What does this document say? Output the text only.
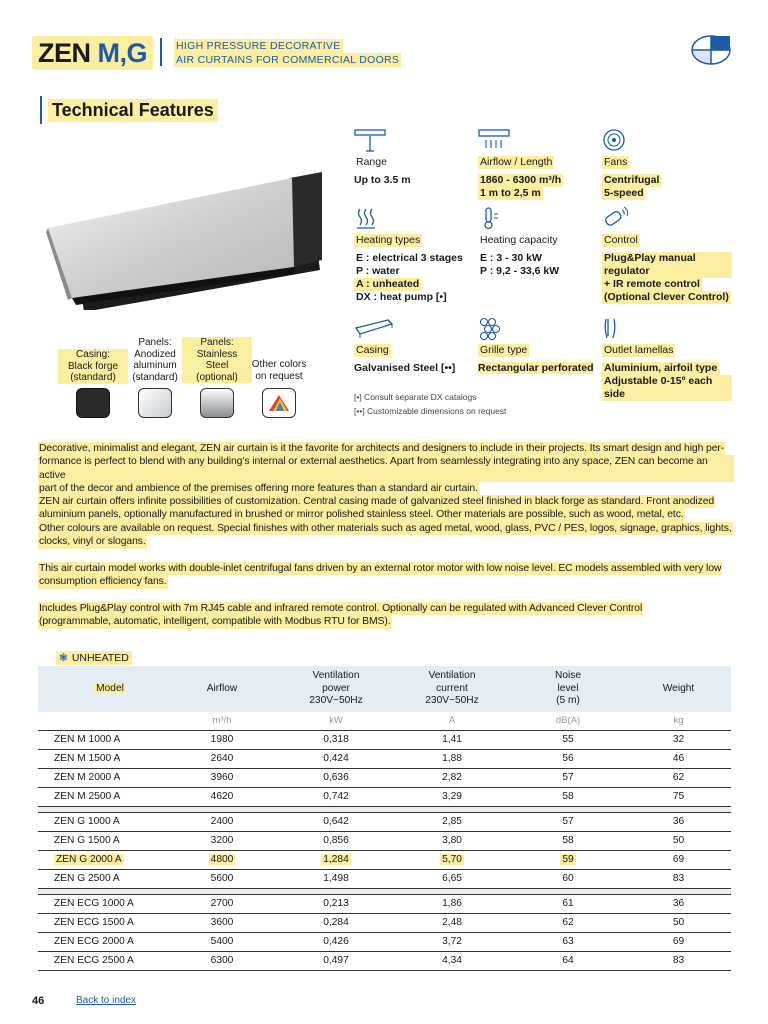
ZEN M,G	HIGH PRESSURE DECORATIVE
AIR CURTAINS FOR COMMERCIAL DOORS
Technical Features
Casing:
Black forge
(standard)
Panels:
Anodized
aluminum
(standard)
Panels:
Stainless
Steel
(optional)
Other colors
on request
Range
Up to 3.5 m
Airflow / Length
1860 - 6300 m³/h
1 m to 2,5 m
Fans
Centrifugal
5-speed
Heating types
E : electrical 3 stages
P : water
A : unheated
DX : heat pump [•]
Heating capacity
E : 3 - 30 kW
P : 9,2 - 33,6 kW
Control
Plug&Play manual regulator
+ IR remote control
(Optional Clever Control)
Casing
Galvanised Steel [••]
Grille type
Rectangular perforated
Outlet lamellas
Aluminium, airfoil type
Adjustable 0-15º each side
[•] Consult separate DX catalogs
[••] Customizable dimensions on request
Decorative, minimalist and elegant, ZEN air curtain is it the favorite for architects and designers to include in their projects. Its smart design and high per-
formance is perfect to blend with any building’s internal or external aesthetics. Apart from seamlessly integrating into any space, ZEN can become an active
part of the decor and ambience of the premises offering more features than a standard air curtain.
ZEN air curtain offers infinite possibilities of customization. Central casing made of galvanized steel finished in black forge as standard. Front anodized
aluminium panels, optionally manufactured in brushed or mirror polished stainless steel. Other materials are possible, such as wood, metal, etc.
Other colours are available on request. Special finishes with other materials such as aged metal, wood, glass, PVC / PES, logos, signage, graphics, lights,
clocks, vinyl or slogans.
This air curtain model works with double-inlet centrifugal fans driven by an external rotor motor with low noise level. EC models assembled with very low
consumption efficiency fans.
Includes Plug&Play control with 7m RJ45 cable and infrared remote control. Optionally can be regulated with Advanced Clever Control
(programmable, automatic, intelligent, compatible with Modbus RTU for BMS).
❃ UNHEATED
Model	Airflow	Ventilation
power
230V~50Hz	Ventilation
current
230V~50Hz	Noise
level
(5 m)	Weight
	m³/h	kW	A	dB(A)	kg
ZEN M 1000 A	1980	0,318	1,41	55	32
ZEN M 1500 A	2640	0,424	1,88	56	46
ZEN M 2000 A	3960	0,636	2,82	57	62
ZEN M 2500 A	4620	0,742	3,29	58	75

ZEN G 1000 A	2400	0,642	2,85	57	36
ZEN G 1500 A	3200	0,856	3,80	58	50
ZEN G 2000 A	4800	1,284	5,70	59	69
ZEN G 2500 A	5600	1,498	6,65	60	83

ZEN ECG 1000 A	2700	0,213	1,86	61	36
ZEN ECG 1500 A	3600	0,284	2,48	62	50
ZEN ECG 2000 A	5400	0,426	3,72	63	69
ZEN ECG 2500 A	6300	0,497	4,34	64	83
46	Back to index
